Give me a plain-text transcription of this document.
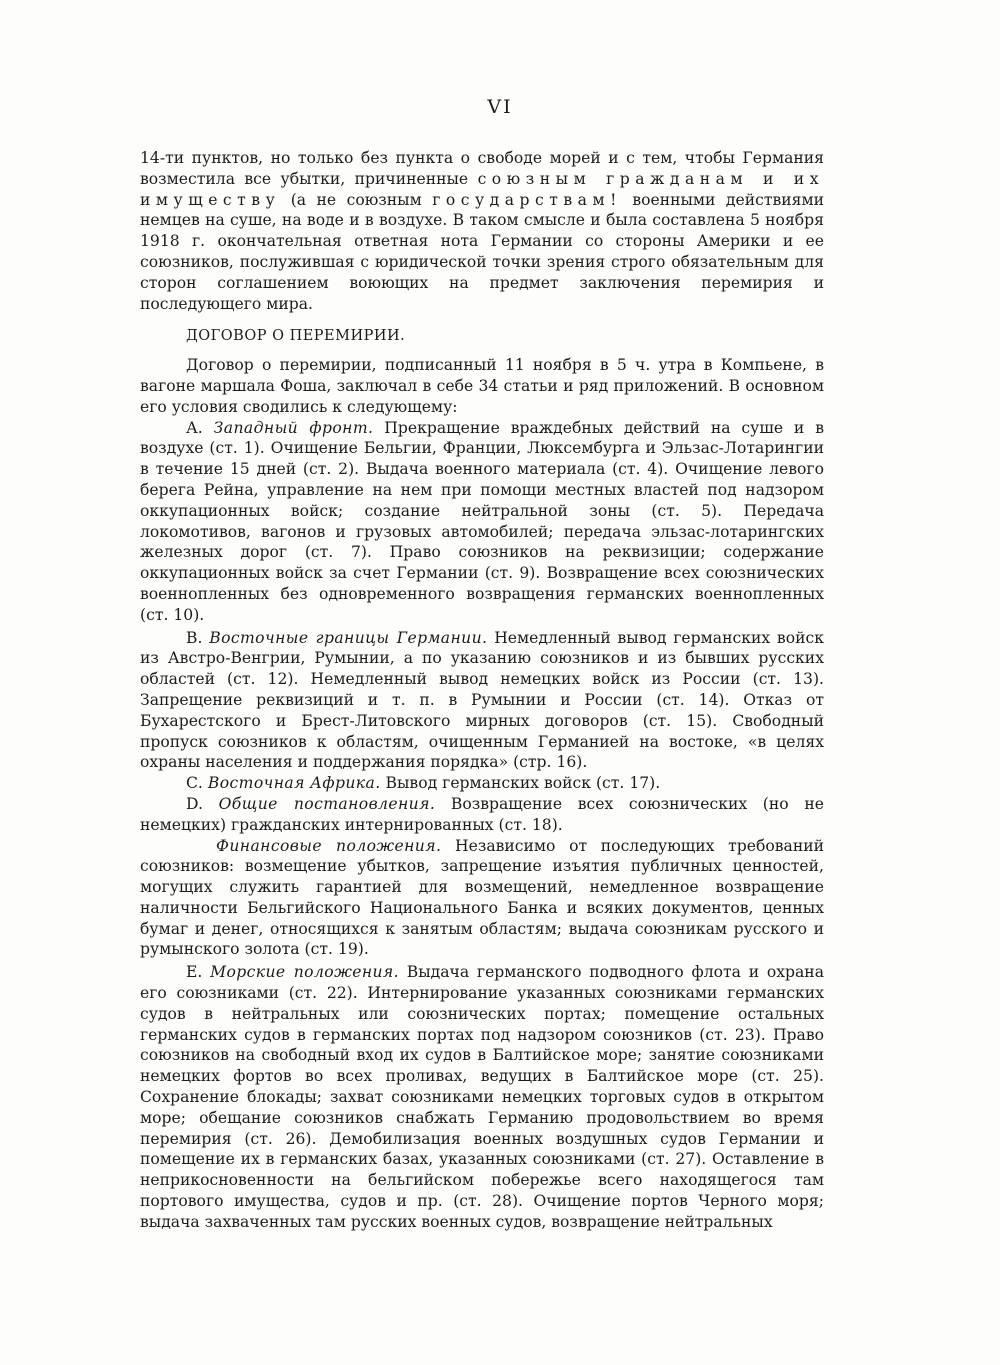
VI

14-ти пунктов, но только без пункта о свободе морей и с тем, чтобы Германия возместила все убытки, причиненные союзным гражданам и их имуществу (а не союзным государствам! военными действиями немцев на суше, на воде и в воздухе. В таком смысле и была составлена 5 ноября 1918 г. окончательная ответная нота Германии со стороны Америки и ее союзников, послужившая с юридической точки зрения строго обязательным для сторон соглашением воюющих на предмет заключения перемирия и последующего мира.

ДОГОВОР О ПЕРЕМИРИИ.

Договор о перемирии, подписанный 11 ноября в 5 ч. утра в Компьене, в вагоне маршала Фоша, заключал в себе 34 статьи и ряд приложений. В основном его условия сводились к следующему:

А. Западный фронт. Прекращение враждебных действий на суше и в воздухе (ст. 1). Очищение Бельгии, Франции, Люксембурга и Эльзас-Лотарингии в течение 15 дней (ст. 2). Выдача военного материала (ст. 4). Очищение левого берега Рейна, управление на нем при помощи местных властей под надзором оккупационных войск; создание нейтральной зоны (ст. 5). Передача локомотивов, вагонов и грузовых автомобилей; передача эльзас-лотарингских железных дорог (ст. 7). Право союзников на реквизиции; содержание оккупационных войск за счет Германии (ст. 9). Возвращение всех союзнических военнопленных без одновременного возвращения германских военнопленных (ст. 10).

В. Восточные границы Германии. Немедленный вывод германских войск из Австро-Венгрии, Румынии, а по указанию союзников и из бывших русских областей (ст. 12). Немедленный вывод немецких войск из России (ст. 13). Запрещение реквизиций и т. п. в Румынии и России (ст. 14). Отказ от Бухарестского и Брест-Литовского мирных договоров (ст. 15). Свободный пропуск союзников к областям, очищенным Германией на востоке, «в целях охраны населения и поддержания порядка» (стр. 16).

С. Восточная Африка. Вывод германских войск (ст. 17).

D. Общие постановления. Возвращение всех союзнических (но не немецких) гражданских интернированных (ст. 18).

Финансовые положения. Независимо от последующих требований союзников: возмещение убытков, запрещение изъятия публичных ценностей, могущих служить гарантией для возмещений, немедленное возвращение наличности Бельгийского Национального Банка и всяких документов, ценных бумаг и денег, относящихся к занятым областям; выдача союзникам русского и румынского золота (ст. 19).

Е. Морские положения. Выдача германского подводного флота и охрана его союзниками (ст. 22). Интернирование указанных союзниками германских судов в нейтральных или союзнических портах; помещение остальных германских судов в германских портах под надзором союзников (ст. 23). Право союзников на свободный вход их судов в Балтийское море; занятие союзниками немецких фортов во всех проливах, ведущих в Балтийское море (ст. 25). Сохранение блокады; захват союзниками немецких торговых судов в открытом море; обещание союзников снабжать Германию продовольствием во время перемирия (ст. 26). Демобилизация военных воздушных судов Германии и помещение их в германских базах, указанных союзниками (ст. 27). Оставление в неприкосновенности на бельгийском побережье всего находящегося там портового имущества, судов и пр. (ст. 28). Очищение портов Черного моря; выдача захваченных там русских военных судов, возвращение нейтральных
